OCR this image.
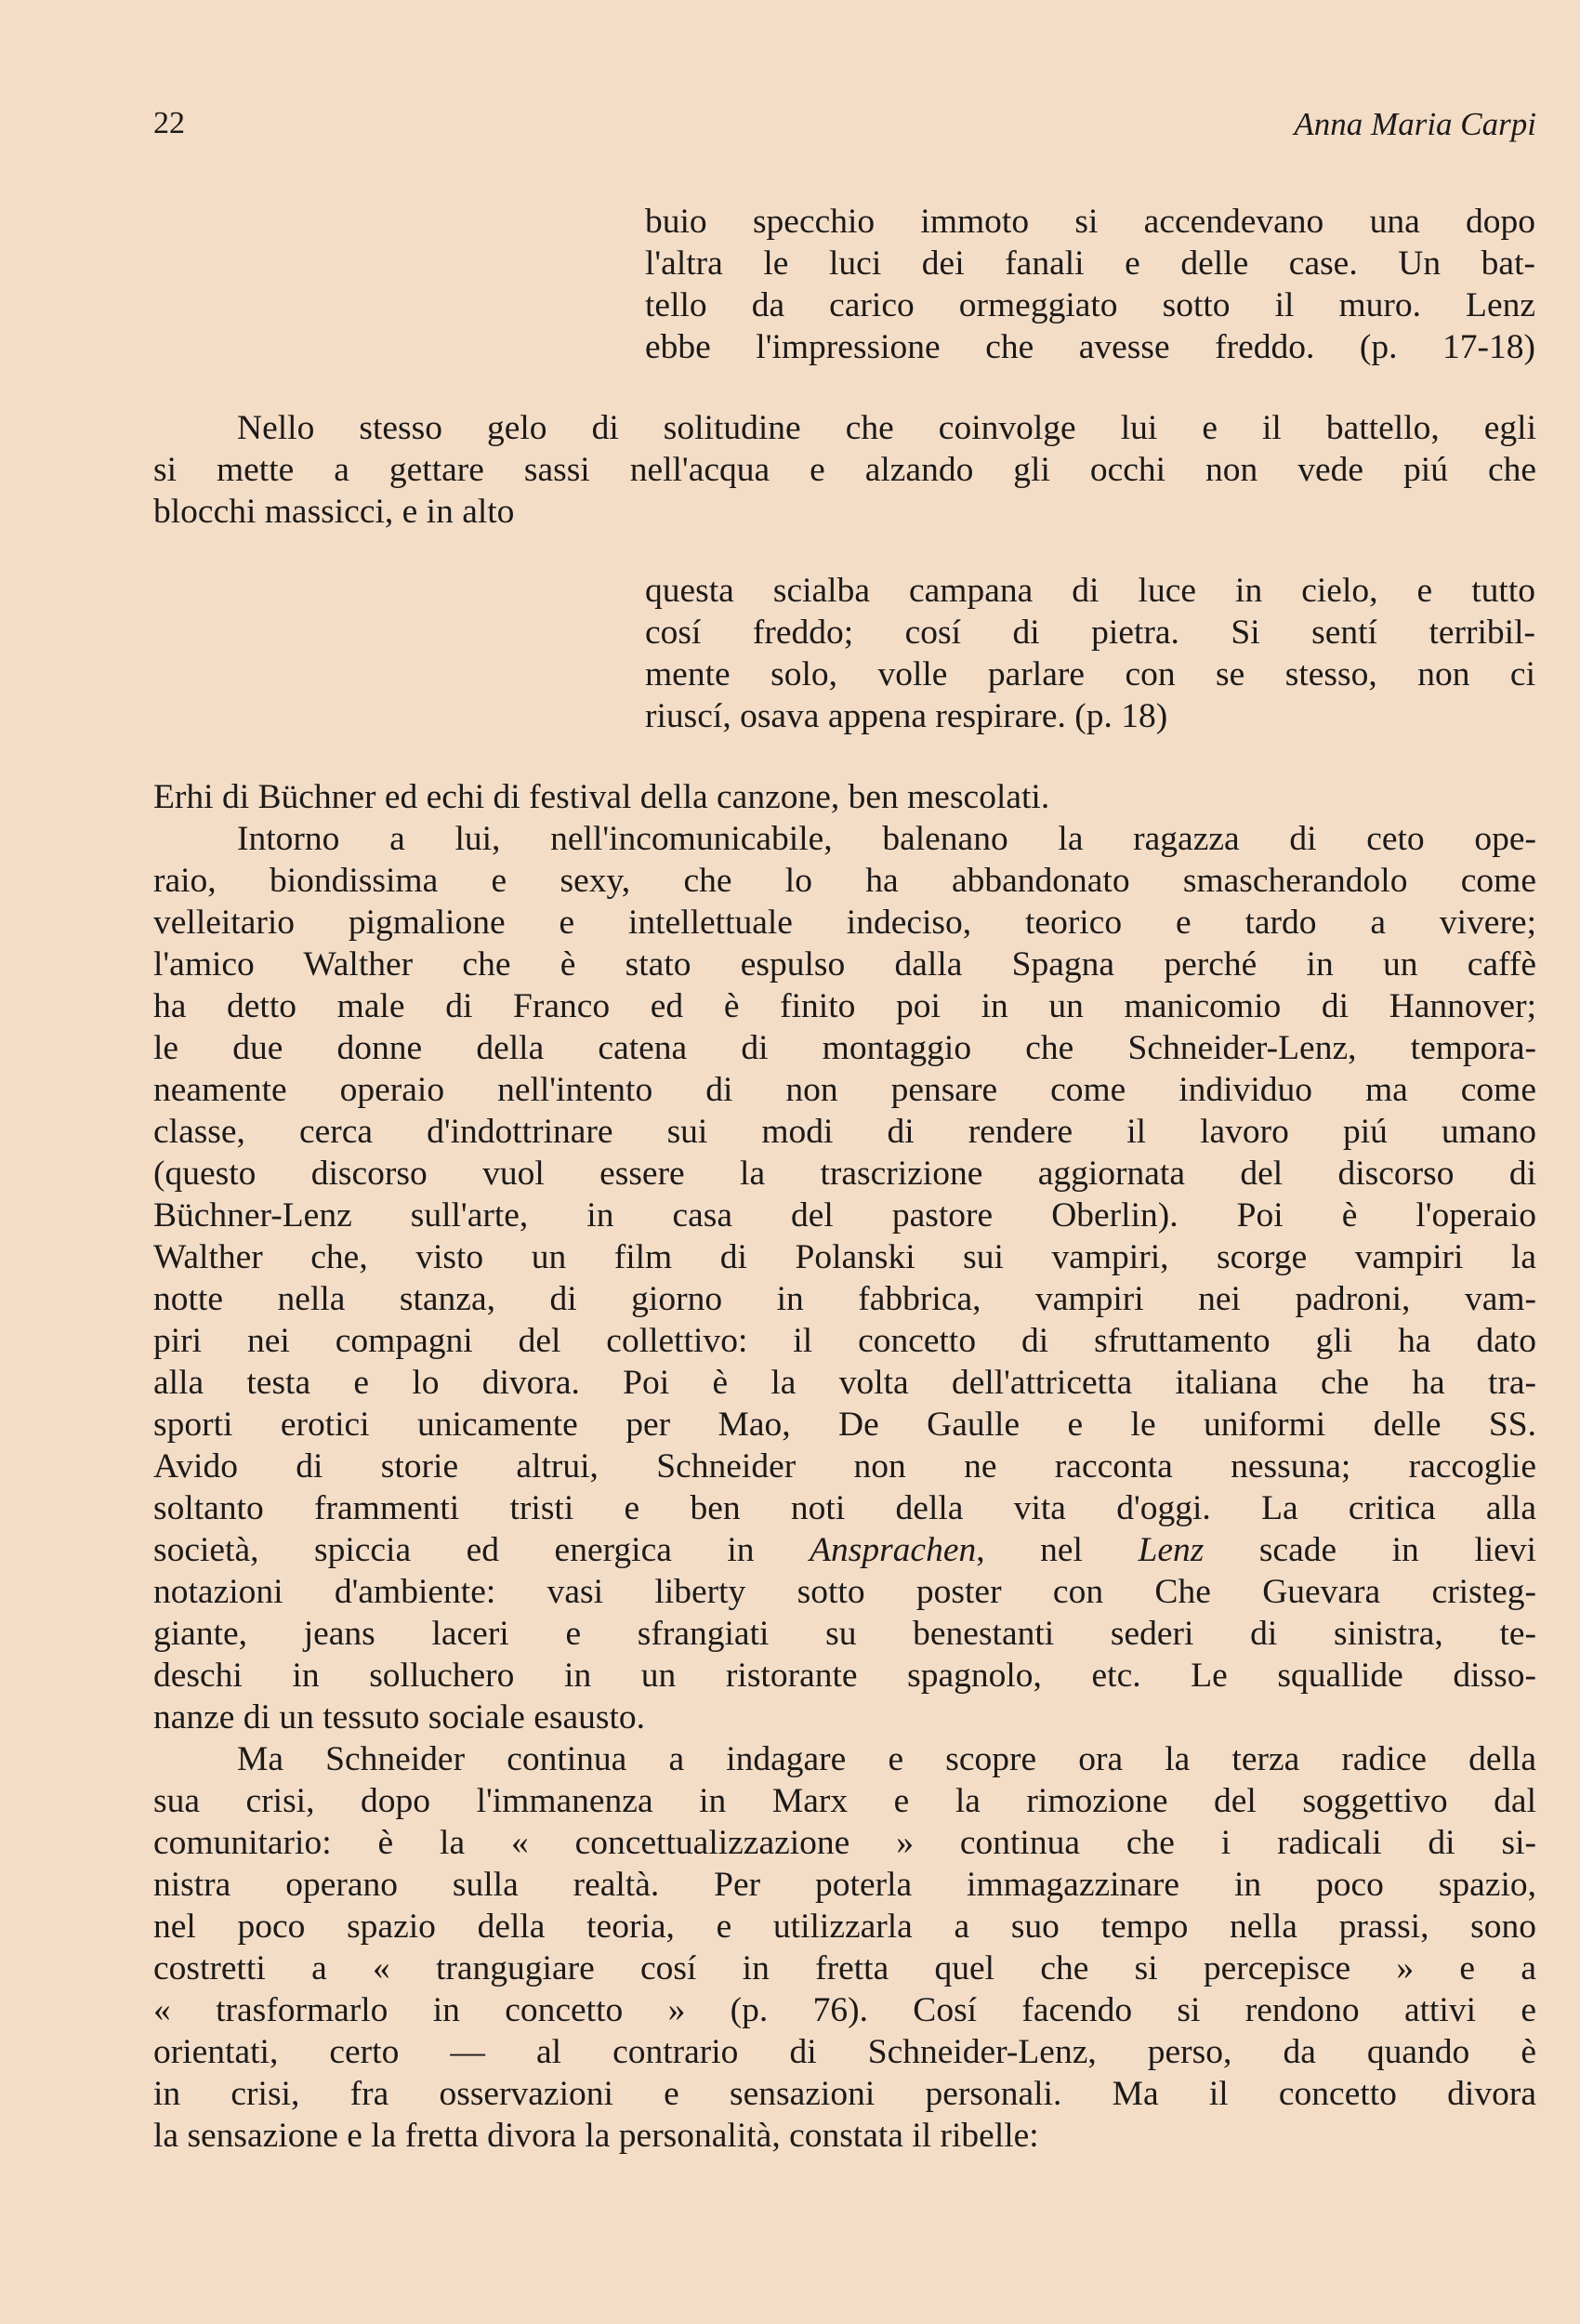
22	Anna Maria Carpi

buio specchio immoto si accendevano una dopo

l'altra le luci dei fanali e delle case. Un bat-

tello da carico ormeggiato sotto il muro. Lenz

ebbe l'impressione che avesse freddo. (p. 17-18)

Nello stesso gelo di solitudine che coinvolge lui e il battello, egli

si mette a gettare sassi nell'acqua e alzando gli occhi non vede piú che

blocchi massicci, e in alto

questa scialba campana di luce in cielo, e tutto

cosí freddo; cosí di pietra. Si sentí terribil-

mente solo, volle parlare con se stesso, non ci

riuscí, osava appena respirare. (p. 18)

Erhi di Büchner ed echi di festival della canzone, ben mescolati.

Intorno a lui, nell'incomunicabile, balenano la ragazza di ceto ope-

raio, biondissima e sexy, che lo ha abbandonato smascherandolo come

velleitario pigmalione e intellettuale indeciso, teorico e tardo a vivere;

l'amico Walther che è stato espulso dalla Spagna perché in un caffè

ha detto male di Franco ed è finito poi in un manicomio di Hannover;

le due donne della catena di montaggio che Schneider-Lenz, tempora-

neamente operaio nell'intento di non pensare come individuo ma come

classe, cerca d'indottrinare sui modi di rendere il lavoro piú umano

(questo discorso vuol essere la trascrizione aggiornata del discorso di

Büchner-Lenz sull'arte, in casa del pastore Oberlin). Poi è l'operaio

Walther che, visto un film di Polanski sui vampiri, scorge vampiri la

notte nella stanza, di giorno in fabbrica, vampiri nei padroni, vam-

piri nei compagni del collettivo: il concetto di sfruttamento gli ha dato

alla testa e lo divora. Poi è la volta dell'attricetta italiana che ha tra-

sporti erotici unicamente per Mao, De Gaulle e le uniformi delle SS.

Avido di storie altrui, Schneider non ne racconta nessuna; raccoglie

soltanto frammenti tristi e ben noti della vita d'oggi. La critica alla

società, spiccia ed energica in Ansprachen, nel Lenz scade in lievi

notazioni d'ambiente: vasi liberty sotto poster con Che Guevara cristeg-

giante, jeans laceri e sfrangiati su benestanti sederi di sinistra, te-

deschi in solluchero in un ristorante spagnolo, etc. Le squallide disso-

nanze di un tessuto sociale esausto.

Ma Schneider continua a indagare e scopre ora la terza radice della

sua crisi, dopo l'immanenza in Marx e la rimozione del soggettivo dal

comunitario: è la « concettualizzazione » continua che i radicali di si-

nistra operano sulla realtà. Per poterla immagazzinare in poco spazio,

nel poco spazio della teoria, e utilizzarla a suo tempo nella prassi, sono

costretti a « trangugiare cosí in fretta quel che si percepisce » e a

« trasformarlo in concetto » (p. 76). Cosí facendo si rendono attivi e

orientati, certo — al contrario di Schneider-Lenz, perso, da quando è

in crisi, fra osservazioni e sensazioni personali. Ma il concetto divora

la sensazione e la fretta divora la personalità, constata il ribelle:
